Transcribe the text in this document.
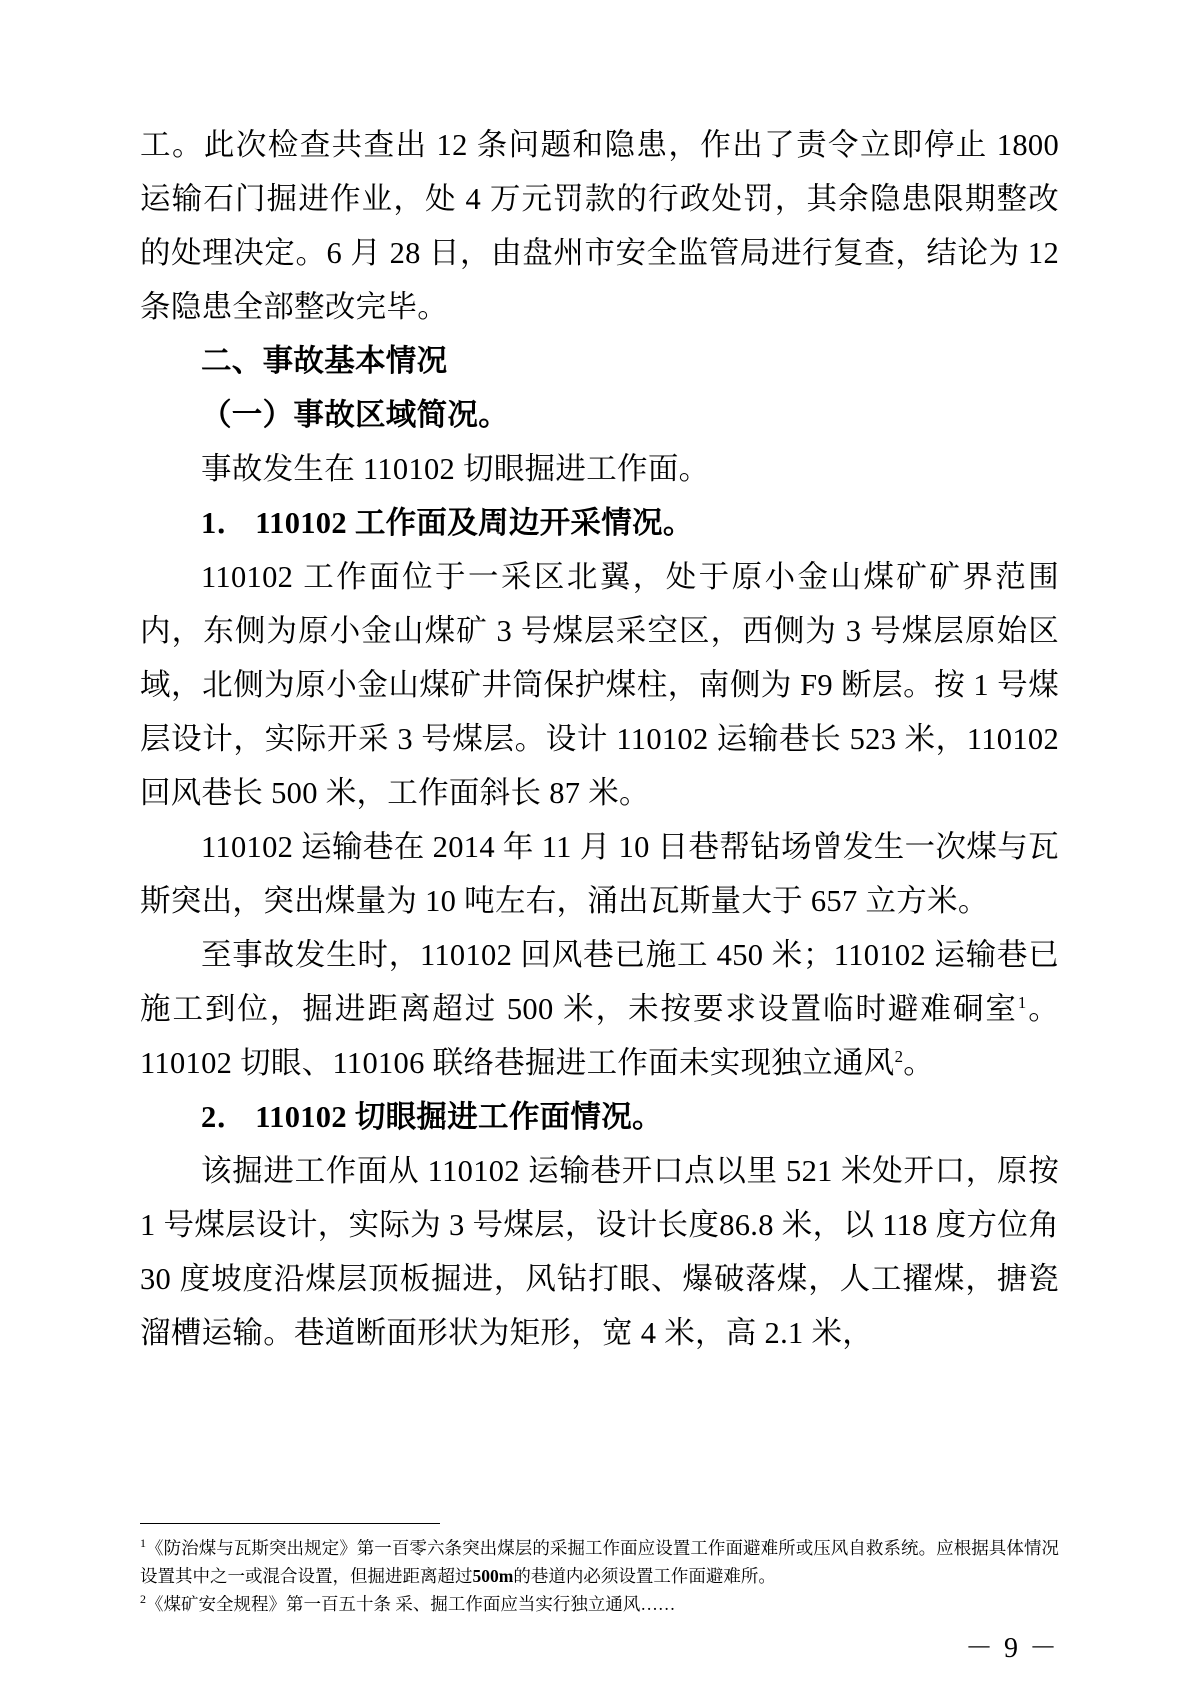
工。此次检查共查出 12 条问题和隐患，作出了责令立即停止 1800 运输石门掘进作业，处 4 万元罚款的行政处罚，其余隐患限期整改的处理决定。6 月 28 日，由盘州市安全监管局进行复查，结论为 12 条隐患全部整改完毕。

二、事故基本情况

（一）事故区域简况。

事故发生在 110102 切眼掘进工作面。

1． 110102 工作面及周边开采情况。

110102 工作面位于一采区北翼，处于原小金山煤矿矿界范围内，东侧为原小金山煤矿 3 号煤层采空区，西侧为 3 号煤层原始区域，北侧为原小金山煤矿井筒保护煤柱，南侧为 F9 断层。按 1 号煤层设计，实际开采 3 号煤层。设计 110102 运输巷长 523 米，110102 回风巷长 500 米，工作面斜长 87 米。

110102 运输巷在 2014 年 11 月 10 日巷帮钻场曾发生一次煤与瓦斯突出，突出煤量为 10 吨左右，涌出瓦斯量大于 657 立方米。

至事故发生时，110102 回风巷已施工 450 米；110102 运输巷已施工到位，掘进距离超过 500 米，未按要求设置临时避难硐室$^1$。110102 切眼、110106 联络巷掘进工作面未实现独立通风$^2$。

2． 110102 切眼掘进工作面情况。

该掘进工作面从 110102 运输巷开口点以里 521 米处开口，原按 1 号煤层设计，实际为 3 号煤层，设计长度86.8 米，以 118 度方位角 30 度坡度沿煤层顶板掘进，风钻打眼、爆破落煤，人工擢煤，搪瓷溜槽运输。巷道断面形状为矩形，宽 4 米，高 2.1 米，

$^1$《防治煤与瓦斯突出规定》第一百零六条突出煤层的采掘工作面应设置工作面避难所或压风自救系统。应根据具体情况设置其中之一或混合设置，但掘进距离超过500m的巷道内必须设置工作面避难所。

$^2$《煤矿安全规程》第一百五十条 采、掘工作面应当实行独立通风……

－ 9 －
